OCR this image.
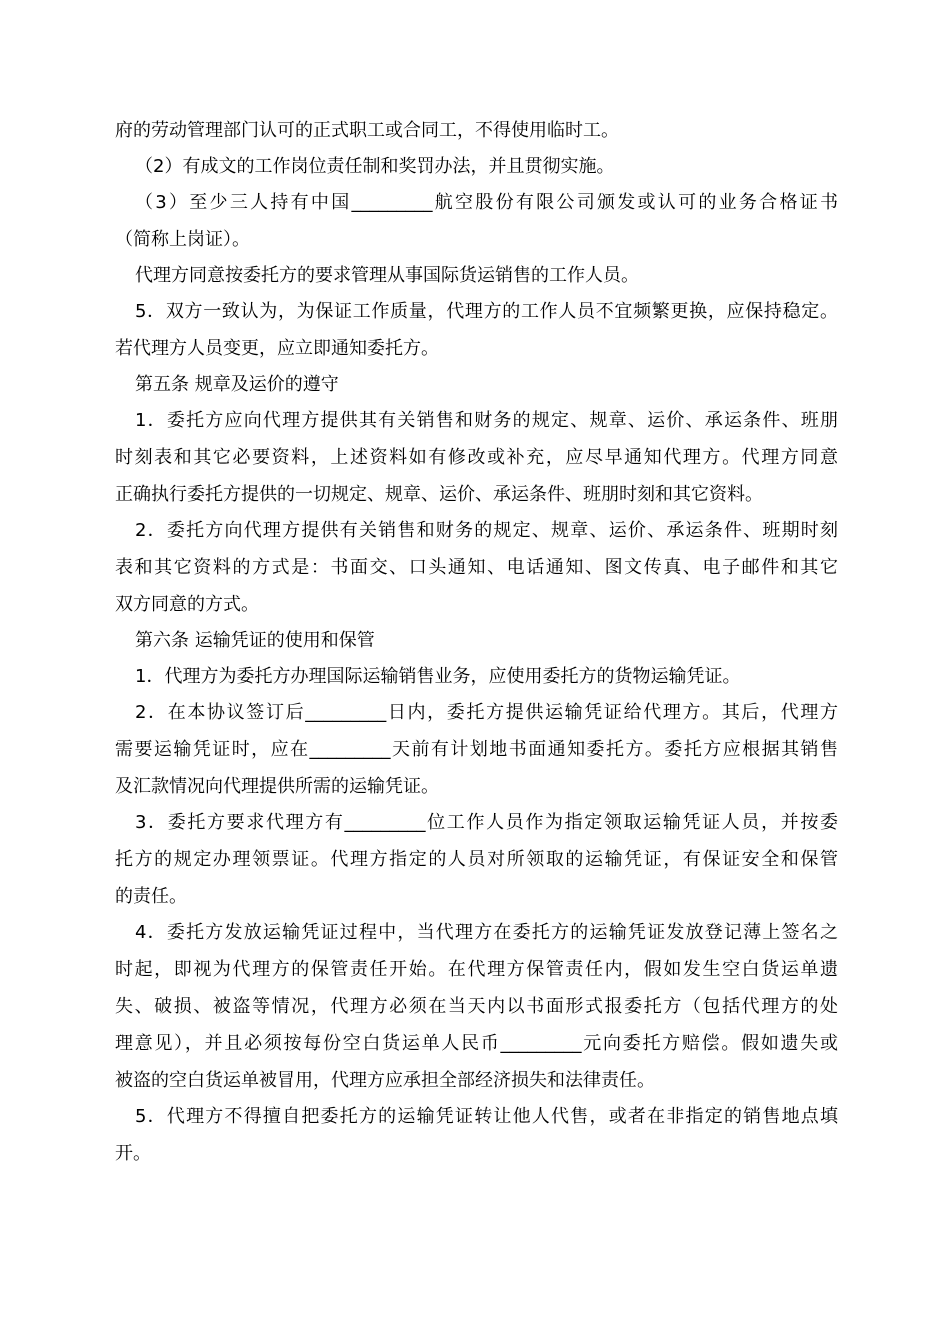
府的劳动管理部门认可的正式职工或合同工，不得使用临时工。

（2）有成文的工作岗位责任制和奖罚办法，并且贯彻实施。

（3）至少三人持有中国_________航空股份有限公司颁发或认可的业务合格证书

（简称上岗证）。

代理方同意按委托方的要求管理从事国际货运销售的工作人员。

5．双方一致认为，为保证工作质量，代理方的工作人员不宜频繁更换，应保持稳定。

若代理方人员变更，应立即通知委托方。

第五条 规章及运价的遵守

1．委托方应向代理方提供其有关销售和财务的规定、规章、运价、承运条件、班朋

时刻表和其它必要资料，上述资料如有修改或补充，应尽早通知代理方。代理方同意

正确执行委托方提供的一切规定、规章、运价、承运条件、班朋时刻和其它资料。

2．委托方向代理方提供有关销售和财务的规定、规章、运价、承运条件、班期时刻

表和其它资料的方式是：书面交、口头通知、电话通知、图文传真、电子邮件和其它

双方同意的方式。

第六条 运输凭证的使用和保管

1．代理方为委托方办理国际运输销售业务，应使用委托方的货物运输凭证。

2．在本协议签订后_________日内，委托方提供运输凭证给代理方。其后，代理方

需要运输凭证时，应在_________天前有计划地书面通知委托方。委托方应根据其销售

及汇款情况向代理提供所需的运输凭证。

3．委托方要求代理方有_________位工作人员作为指定领取运输凭证人员，并按委

托方的规定办理领票证。代理方指定的人员对所领取的运输凭证，有保证安全和保管

的责任。

4．委托方发放运输凭证过程中，当代理方在委托方的运输凭证发放登记薄上签名之

时起，即视为代理方的保管责任开始。在代理方保管责任内，假如发生空白货运单遗

失、破损、被盗等情况，代理方必须在当天内以书面形式报委托方（包括代理方的处

理意见），并且必须按每份空白货运单人民币_________元向委托方赔偿。假如遗失或

被盗的空白货运单被冒用，代理方应承担全部经济损失和法律责任。

5．代理方不得擅自把委托方的运输凭证转让他人代售，或者在非指定的销售地点填

开。
